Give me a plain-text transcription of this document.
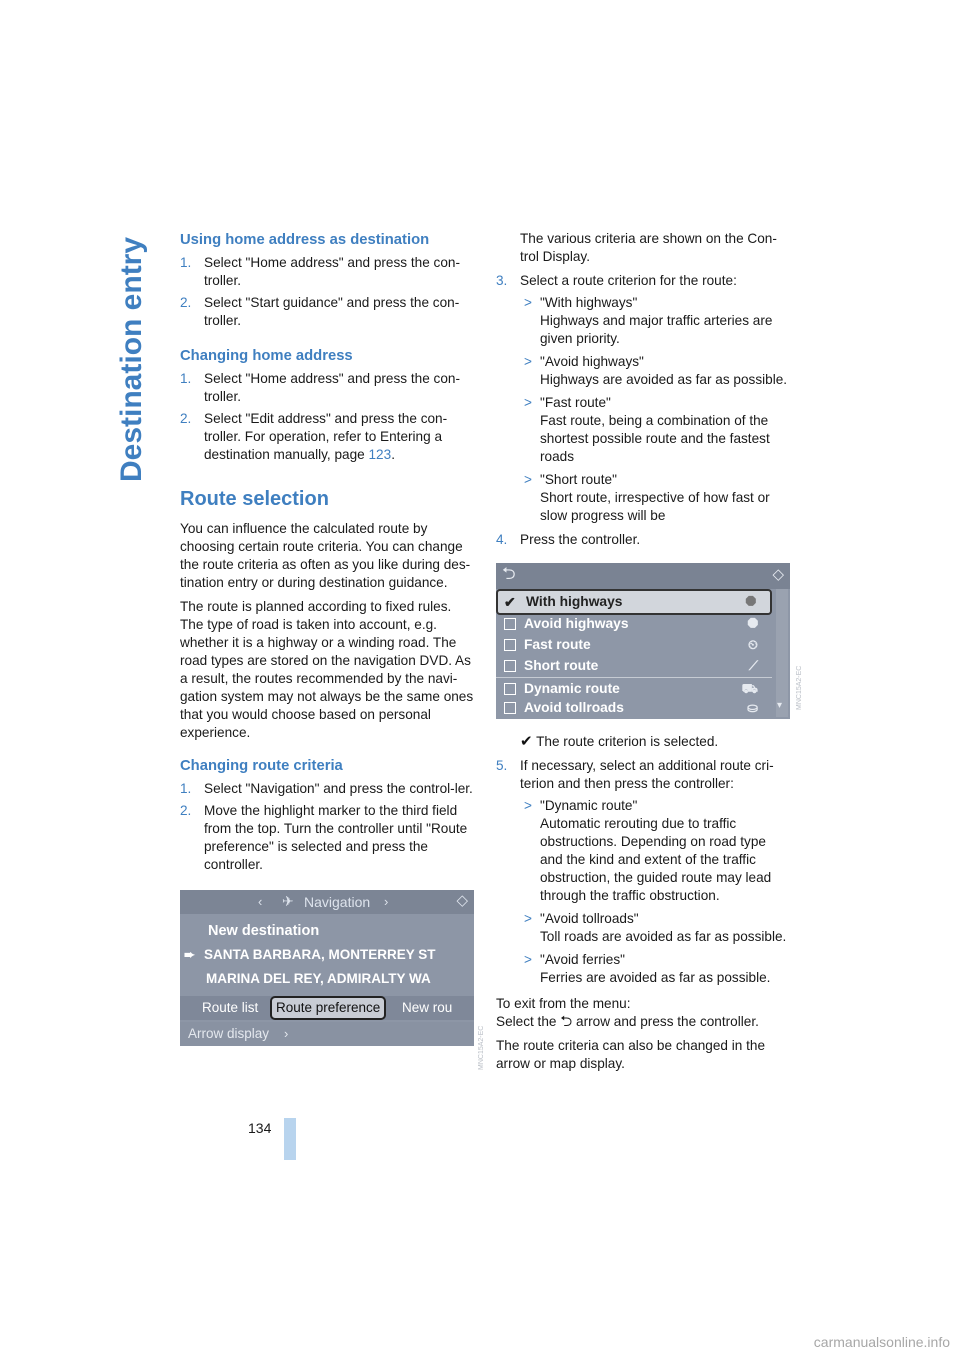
Destination entry Using home address as destination
1. Select "Home address" and press the con-troller.
2. Select "Start guidance" and press the con-troller.
Changing home address
1. Select "Home address" and press the con-troller.
2. Select "Edit address" and press the con-troller. For operation, refer to Entering a destination manually, page 123.
Route selection

You can influence the calculated route by choosing certain route criteria. You can change the route criteria as often as you like during des-tination entry or during destination guidance.

The route is planned according to fixed rules. The type of road is taken into account, e.g. whether it is a highway or a winding road. The road types are stored on the navigation DVD. As a result, the routes recommended by the navi-gation system may not always be the same ones that you would choose based on personal experience.

Changing route criteria
1. Select "Navigation" and press the control-ler.
2. Move the highlight marker to the third field from the top. Turn the controller until "Route preference" is selected and press the controller.
‹ ✈ Navigation ›	◇
New destination
➨ SANTA BARBARA, MONTERREY ST
MARINA DEL REY, ADMIRALTY WA
Route list	Route preference	New rou
Arrow display ›	MNC15A2-EC

The various criteria are shown on the Con-trol Display.

3. Select a route criterion for the route:
> "With highways"
Highways and major traffic arteries are given priority.
> "Avoid highways"
Highways are avoided as far as possible.
> "Fast route"
Fast route, being a combination of the shortest possible route and the fastest roads
> "Short route"
Short route, irrespective of how fast or slow progress will be
4. Press the controller.
⮌	◇
✔ With highways	⯃
Avoid highways	⯃
Fast route	⏲
Short route	⟋
Dynamic route	⛟
Avoid tollroads	⛀ ▾

✔ The route criterion is selected.

5. If necessary, select an additional route cri-terion and then press the controller:
> "Dynamic route"
Automatic rerouting due to traffic obstructions. Depending on road type and the kind and extent of the traffic obstruction, the guided route may lead through the traffic obstruction.
> "Avoid tollroads"
Toll roads are avoided as far as possible.
> "Avoid ferries"
Ferries are avoided as far as possible.

To exit from the menu:

Select the ⮌ arrow and press the controller.

The route criteria can also be changed in the arrow or map display.

MNC15A2-EC
134
carmanualsonline.info
